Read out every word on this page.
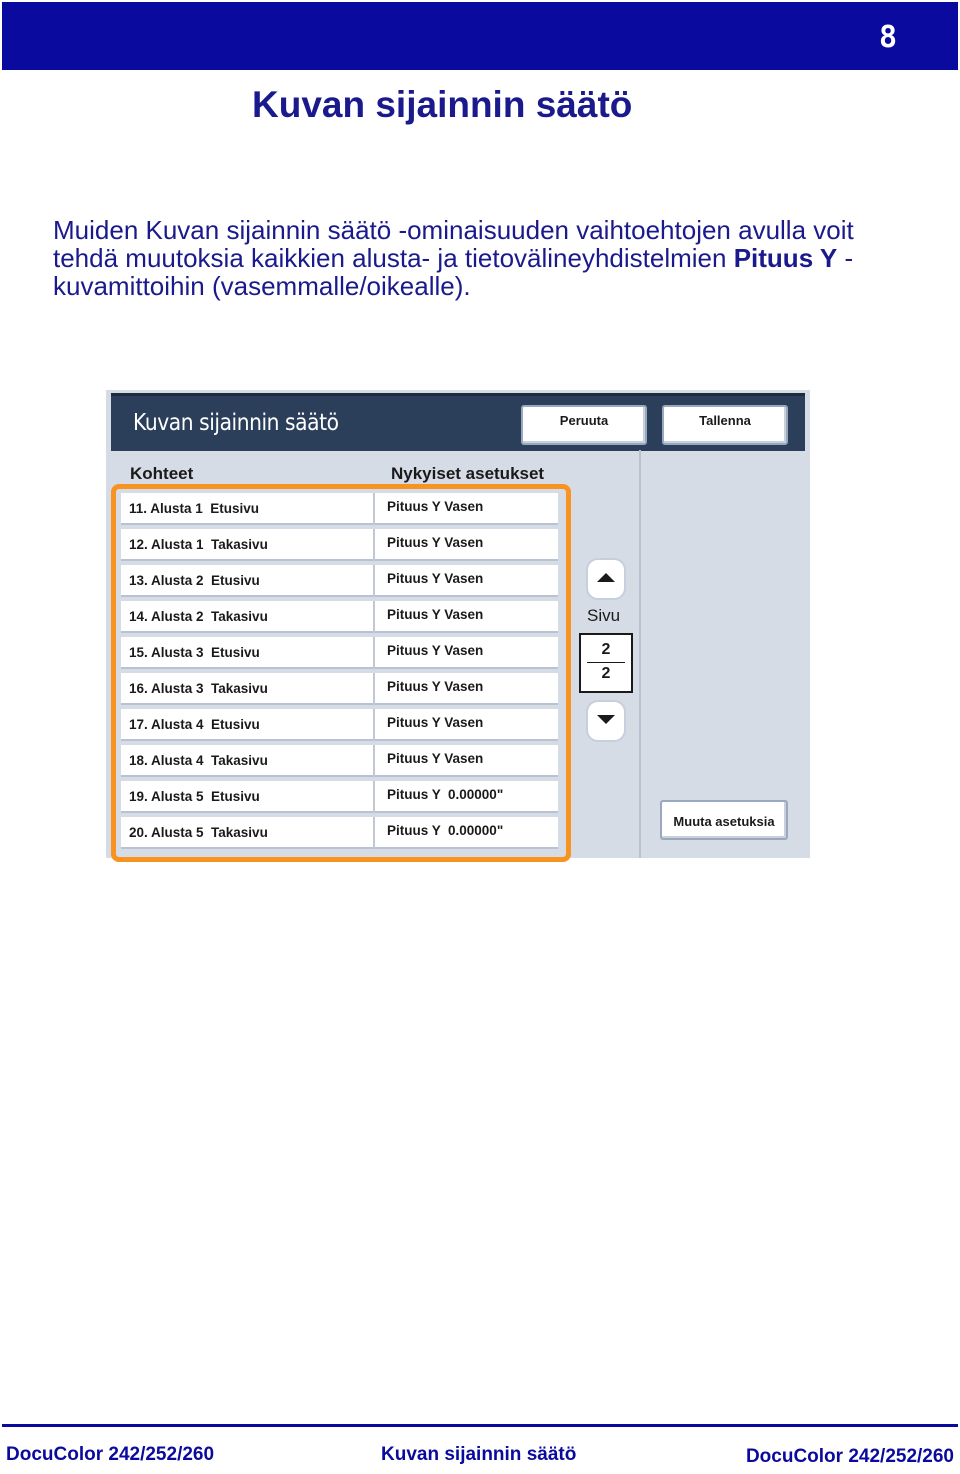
8
Kuvan sijainnin säätö

Muiden Kuvan sijainnin säätö -ominaisuuden vaihtoehtojen avulla voit tehdä muutoksia kaikkien alusta- ja tietovälineyhdistelmien Pituus Y - kuvamittoihin (vasemmalle/oikealle).

Kuvan sijainnin säätö	Peruuta	Tallenna
Kohteet	Nykyiset asetukset
11. Alusta 1  Etusivu	Pituus Y Vasen
12. Alusta 1  Takasivu	Pituus Y Vasen
13. Alusta 2  Etusivu	Pituus Y Vasen
14. Alusta 2  Takasivu	Pituus Y Vasen
15. Alusta 3  Etusivu	Pituus Y Vasen
16. Alusta 3  Takasivu	Pituus Y Vasen
17. Alusta 4  Etusivu	Pituus Y Vasen
18. Alusta 4  Takasivu	Pituus Y Vasen
19. Alusta 5  Etusivu	Pituus Y  0.00000"
20. Alusta 5  Takasivu	Pituus Y  0.00000"
Sivu
2
2
Muuta asetuksia
DocuColor 242/252/260	Kuvan sijainnin säätö	DocuColor 242/252/260
